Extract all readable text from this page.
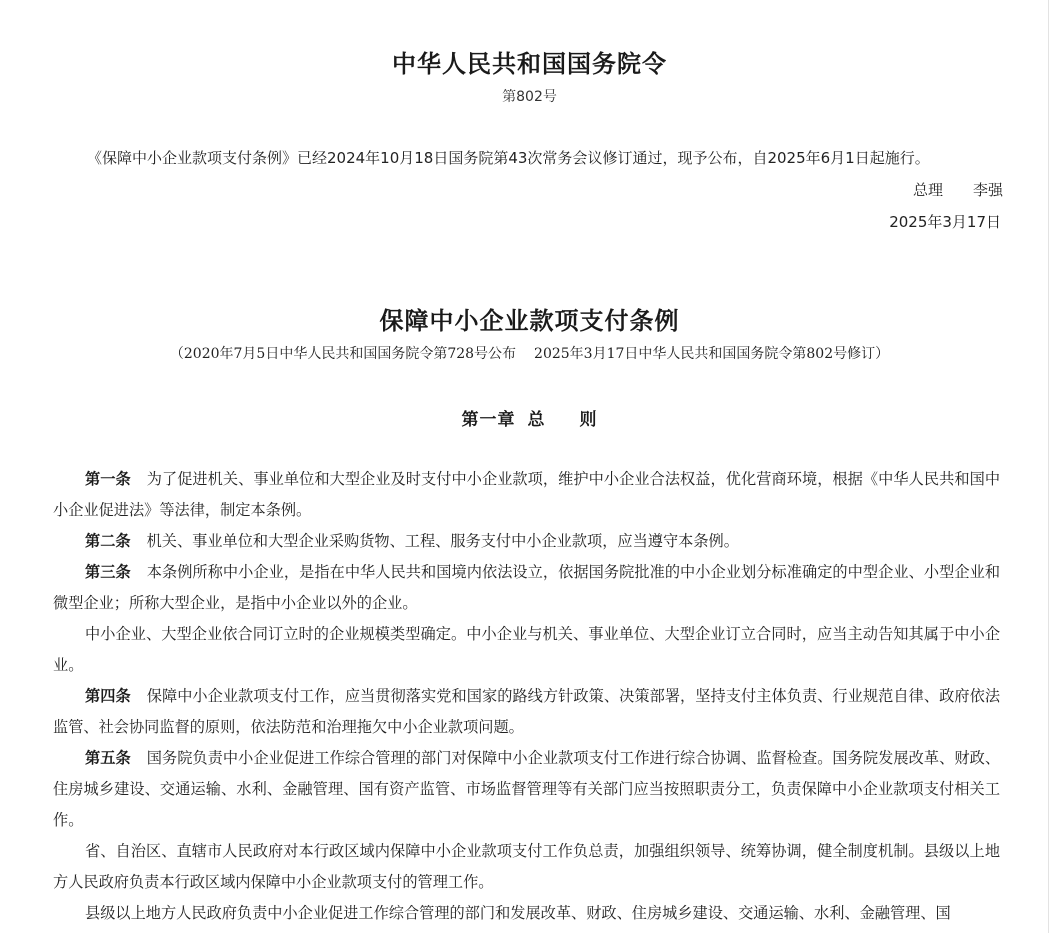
中华人民共和国国务院令
第802号
《保障中小企业款项支付条例》已经2024年10月18日国务院第43次常务会议修订通过，现予公布，自2025年6月1日起施行。
总理 李强
2025年3月17日
保障中小企业款项支付条例
（2020年7月5日中华人民共和国国务院令第728号公布 2025年3月17日中华人民共和国国务院令第802号修订）
第一章 总 则

第一条 为了促进机关、事业单位和大型企业及时支付中小企业款项，维护中小企业合法权益，优化营商环境，根据《中华人民共和国中小企业促进法》等法律，制定本条例。

第二条 机关、事业单位和大型企业采购货物、工程、服务支付中小企业款项，应当遵守本条例。

第三条 本条例所称中小企业，是指在中华人民共和国境内依法设立，依据国务院批准的中小企业划分标准确定的中型企业、小型企业和微型企业；所称大型企业，是指中小企业以外的企业。

中小企业、大型企业依合同订立时的企业规模类型确定。中小企业与机关、事业单位、大型企业订立合同时，应当主动告知其属于中小企业。

第四条 保障中小企业款项支付工作，应当贯彻落实党和国家的路线方针政策、决策部署，坚持支付主体负责、行业规范自律、政府依法监管、社会协同监督的原则，依法防范和治理拖欠中小企业款项问题。

第五条 国务院负责中小企业促进工作综合管理的部门对保障中小企业款项支付工作进行综合协调、监督检查。国务院发展改革、财政、住房城乡建设、交通运输、水利、金融管理、国有资产监管、市场监督管理等有关部门应当按照职责分工，负责保障中小企业款项支付相关工作。

省、自治区、直辖市人民政府对本行政区域内保障中小企业款项支付工作负总责，加强组织领导、统筹协调，健全制度机制。县级以上地方人民政府负责本行政区域内保障中小企业款项支付的管理工作。

县级以上地方人民政府负责中小企业促进工作综合管理的部门和发展改革、财政、住房城乡建设、交通运输、水利、金融管理、国
